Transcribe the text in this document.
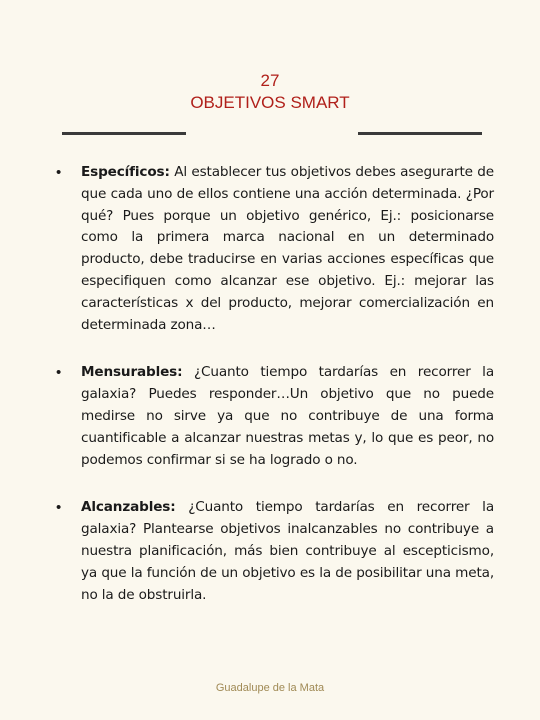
27
OBJETIVOS SMART
• Específicos: Al establecer tus objetivos debes asegurarte de que cada uno de ellos contiene una acción determinada. ¿Por qué? Pues porque un objetivo genérico, Ej.: posicionarse como la primera marca nacional en un determinado producto, debe traducirse en varias acciones específicas que especifiquen como alcanzar ese objetivo. Ej.: mejorar las características x del producto, mejorar comercialización en determinada zona…
• Mensurables: ¿Cuanto tiempo tardarías en recorrer la galaxia? Puedes responder…Un objetivo que no puede medirse no sirve ya que no contribuye de una forma cuantificable a alcanzar nuestras metas y, lo que es peor, no podemos confirmar si se ha logrado o no.
• Alcanzables: ¿Cuanto tiempo tardarías en recorrer la galaxia? Plantearse objetivos inalcanzables no contribuye a nuestra planificación, más bien contribuye al escepticismo, ya que la función de un objetivo es la de posibilitar una meta, no la de obstruirla.
Guadalupe de la Mata
